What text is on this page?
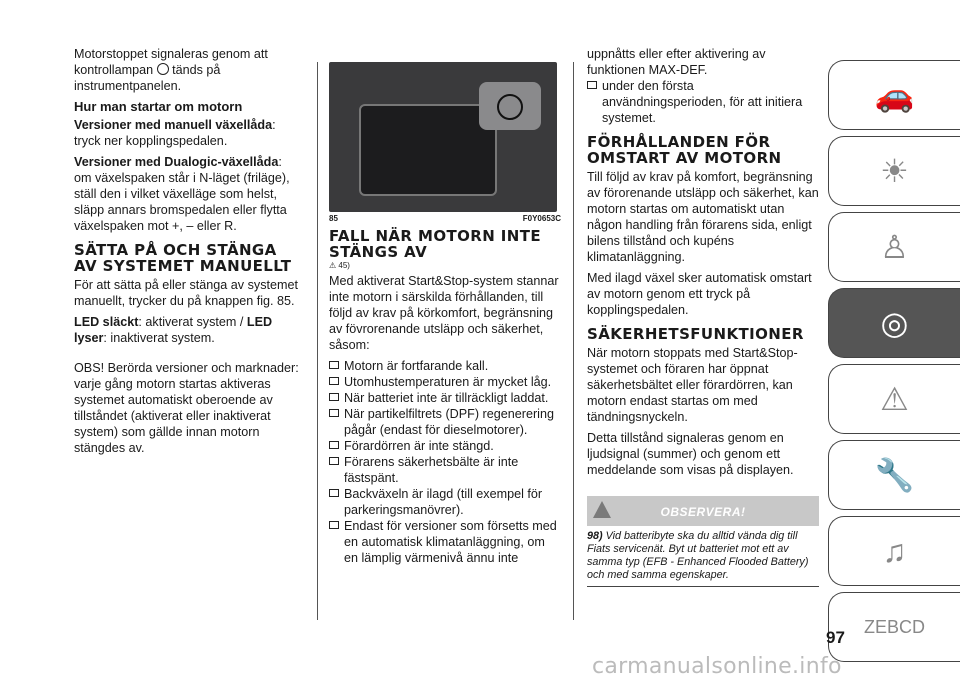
Motorstoppet signaleras genom att kontrollampan tänds på instrumentpanelen.

Hur man startar om motorn

Versioner med manuell växellåda: tryck ner kopplingspedalen.

Versioner med Dualogic-växellåda: om växelspaken står i N-läget (friläge), ställ den i vilket växelläge som helst, släpp annars bromspedalen eller flytta växelspaken mot +, – eller R.

SÄTTA PÅ OCH STÄNGA AV SYSTEMET MANUELLT

För att sätta på eller stänga av systemet manuellt, trycker du på knappen fig. 85.

LED släckt: aktiverat system / LED lyser: inaktiverat system.

OBS! Berörda versioner och marknader: varje gång motorn startas aktiveras systemet automatiskt oberoende av tillståndet (aktiverat eller inaktiverat system) som gällde innan motorn stängdes av.

85	F0Y0653C
FALL NÄR MOTORN INTE STÄNGS AV
⚠ 45)

Med aktiverat Start&Stop-system stannar inte motorn i särskilda förhållanden, till följd av krav på körkomfort, begränsning av fövrorenande utsläpp och säkerhet, såsom:

Motorn är fortfarande kall.
Utomhustemperaturen är mycket låg.
När batteriet inte är tillräckligt laddat.
När partikelfiltrets (DPF) regenerering pågår (endast för dieselmotorer).
Förardörren är inte stängd.
Förarens säkerhetsbälte är inte fästspänt.
Backväxeln är ilagd (till exempel för parkeringsmanövrer).
Endast för versioner som försetts med en automatisk klimatanläggning, om en lämplig värmenivå ännu inte

uppnåtts eller efter aktivering av funktionen MAX-DEF.

under den första användningsperioden, för att initiera systemet.
FÖRHÅLLANDEN FÖR OMSTART AV MOTORN

Till följd av krav på komfort, begränsning av förorenande utsläpp och säkerhet, kan motorn startas om automatiskt utan någon handling från förarens sida, enligt bilens tillstånd och kupéns klimatanläggning.

Med ilagd växel sker automatisk omstart av motorn genom ett tryck på kopplingspedalen.

SÄKERHETSFUNKTIONER

När motorn stoppats med Start&Stop-systemet och föraren har öppnat säkerhetsbältet eller förardörren, kan motorn endast startas om med tändningsnyckeln.

Detta tillstånd signaleras genom en ljudsignal (summer) och genom ett meddelande som visas på displayen.

OBSERVERA!
98) Vid batteribyte ska du alltid vända dig till Fiats servicenät. Byt ut batteriet mot ett av samma typ (EFB - Enhanced Flooded Battery) och med samma egenskaper.
🚗
☀
♙
◎
⚠
🔧
♫
ZEBCD
97
carmanualsonline.info
